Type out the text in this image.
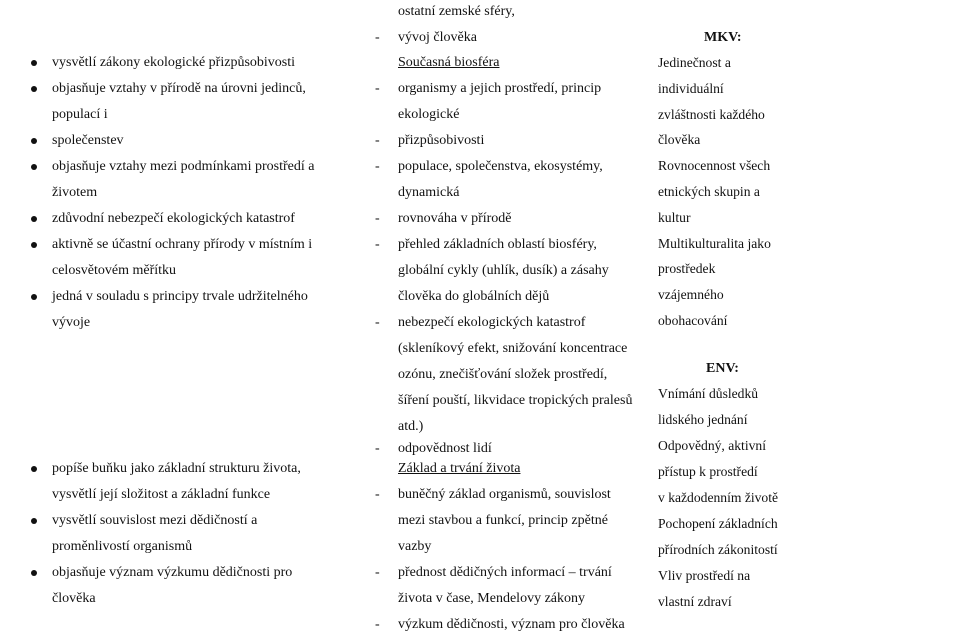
vysvětlí zákony ekologické přizpůsobivosti
objasňuje vztahy v přírodě na úrovni jedinců,
populací i
společenstev
objasňuje vztahy mezi podmínkami prostředí a
životem
zdůvodní nebezpečí ekologických katastrof
aktivně se účastní ochrany přírody v místním i
celosvětovém měřítku
jedná v souladu s principy trvale udržitelného
vývoje
popíše buňku jako základní strukturu života,
vysvětlí její složitost a základní funkce
vysvětlí souvislost mezi dědičností a
proměnlivostí organismů
objasňuje význam výzkumu dědičnosti pro
člověka
ostatní zemské sféry,
- vývoj člověka
Současná biosféra
- organismy a jejich prostředí, princip
ekologické
- přizpůsobivosti
- populace, společenstva, ekosystémy,
dynamická
- rovnováha v přírodě
- přehled základních oblastí biosféry,
globální cykly (uhlík, dusík) a zásahy
člověka do globálních dějů
- nebezpečí ekologických katastrof
(skleníkový efekt, snižování koncentrace
ozónu, znečišťování složek prostředí,
šíření pouští, likvidace tropických pralesů
atd.)
- odpovědnost lidí
Základ a trvání života
- buněčný základ organismů, souvislost
mezi stavbou a funkcí, princip zpětné
vazby
- přednost dědičných informací – trvání
života v čase, Mendelovy zákony
- výzkum dědičnosti, význam pro člověka
MKV:
Jedinečnost a
individuální
zvláštnosti každého
člověka
Rovnocennost všech
etnických skupin a
kultur
Multikulturalita jako
prostředek
vzájemného
obohacování
ENV:
Vnímání důsledků
lidského jednání
Odpovědný, aktivní
přístup k prostředí
v každodenním životě
Pochopení základních
přírodních zákonitostí
Vliv prostředí na
vlastní zdraví
